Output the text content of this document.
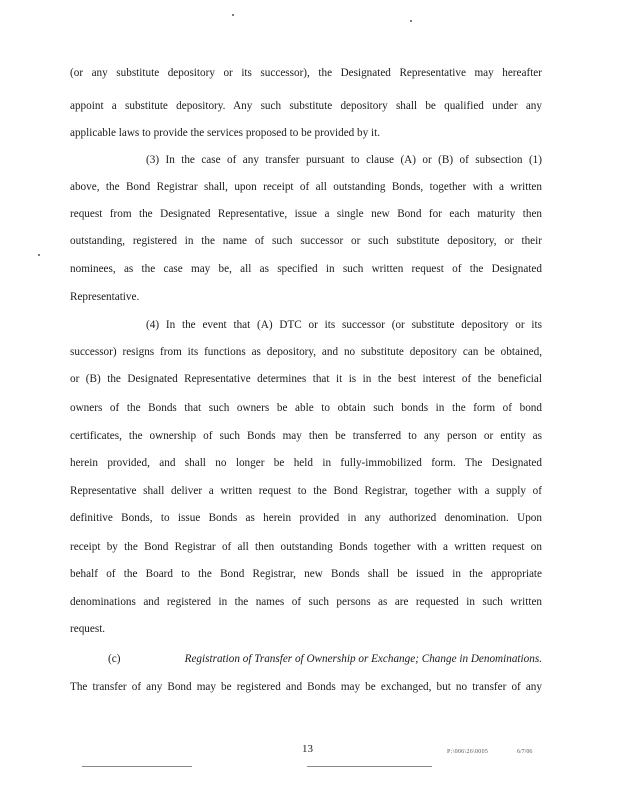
(or any substitute depository or its successor), the Designated Representative may hereafter
appoint a substitute depository. Any such substitute depository shall be qualified under any
applicable laws to provide the services proposed to be provided by it.
(3) In the case of any transfer pursuant to clause (A) or (B) of subsection (1)
above, the Bond Registrar shall, upon receipt of all outstanding Bonds, together with a written
request from the Designated Representative, issue a single new Bond for each maturity then
outstanding, registered in the name of such successor or such substitute depository, or their
nominees, as the case may be, all as specified in such written request of the Designated
Representative.
(4) In the event that (A) DTC or its successor (or substitute depository or its
successor) resigns from its functions as depository, and no substitute depository can be obtained,
or (B) the Designated Representative determines that it is in the best interest of the beneficial
owners of the Bonds that such owners be able to obtain such bonds in the form of bond
certificates, the ownership of such Bonds may then be transferred to any person or entity as
herein provided, and shall no longer be held in fully-immobilized form. The Designated
Representative shall deliver a written request to the Bond Registrar, together with a supply of
definitive Bonds, to issue Bonds as herein provided in any authorized denomination. Upon
receipt by the Bond Registrar of all then outstanding Bonds together with a written request on
behalf of the Board to the Bond Registrar, new Bonds shall be issued in the appropriate
denominations and registered in the names of such persons as are requested in such written
request.
(c)	Registration of Transfer of Ownership or Exchange; Change in Denominations.
The transfer of any Bond may be registered and Bonds may be exchanged, but no transfer of any
13	P:\006\26\0005	6/7/06
